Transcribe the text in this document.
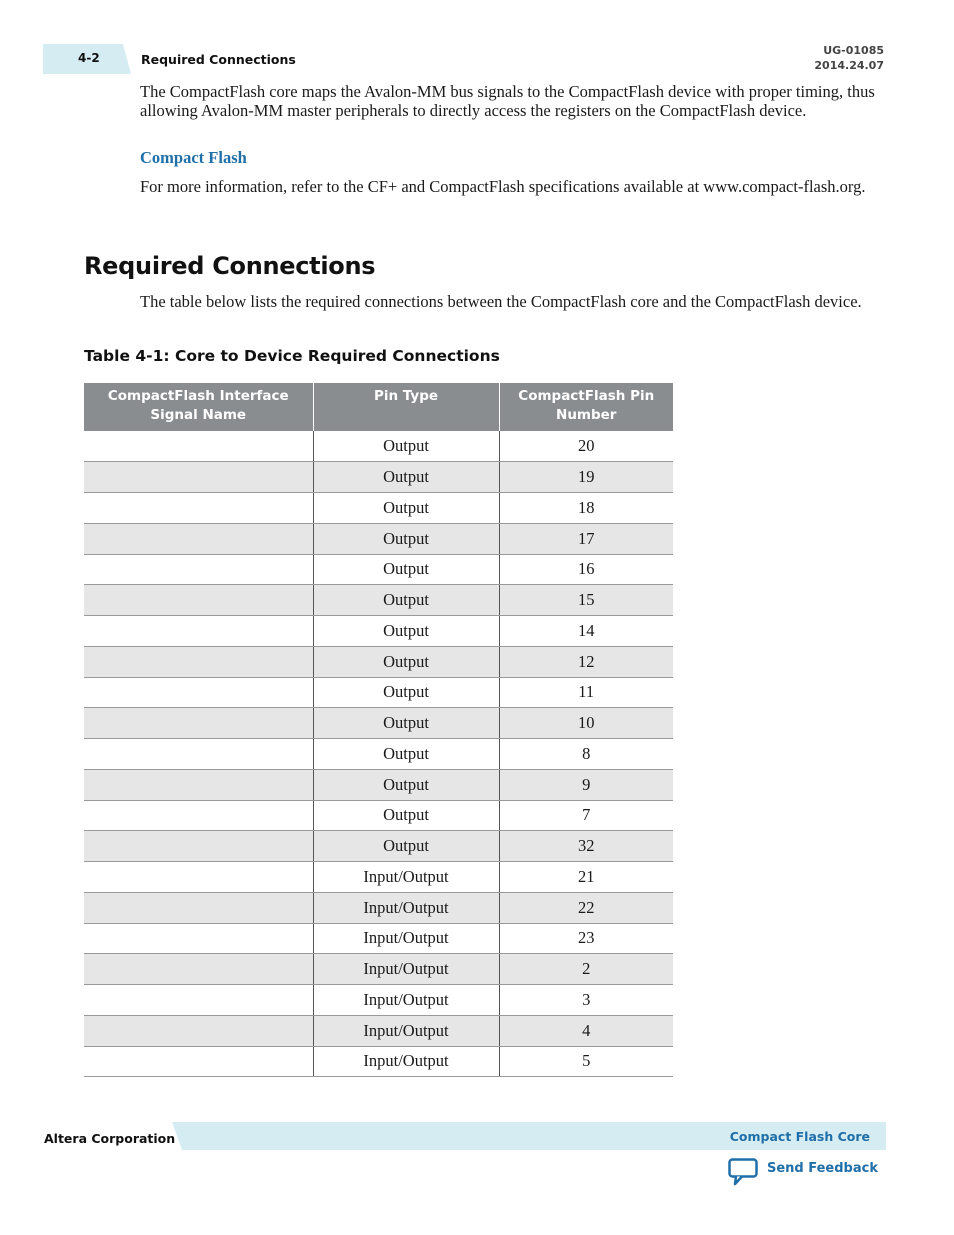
4-2	Required Connections
UG-01085
2014.24.07

The CompactFlash core maps the Avalon-MM bus signals to the CompactFlash device with proper timing, thus allowing Avalon-MM master peripherals to directly access the registers on the CompactFlash device.

Compact Flash

For more information, refer to the CF+ and CompactFlash specifications available at www.compact-flash.org.

Required Connections

The table below lists the required connections between the CompactFlash core and the CompactFlash device.

Table 4-1: Core to Device Required Connections
CompactFlash Interface Signal Name	Pin Type	CompactFlash Pin Number
	Output	20
	Output	19
	Output	18
	Output	17
	Output	16
	Output	15
	Output	14
	Output	12
	Output	11
	Output	10
	Output	8
	Output	9
	Output	7
	Output	32
	Input/Output	21
	Input/Output	22
	Input/Output	23
	Input/Output	2
	Input/Output	3
	Input/Output	4
	Input/Output	5
Altera Corporation	Compact Flash Core
Send Feedback
